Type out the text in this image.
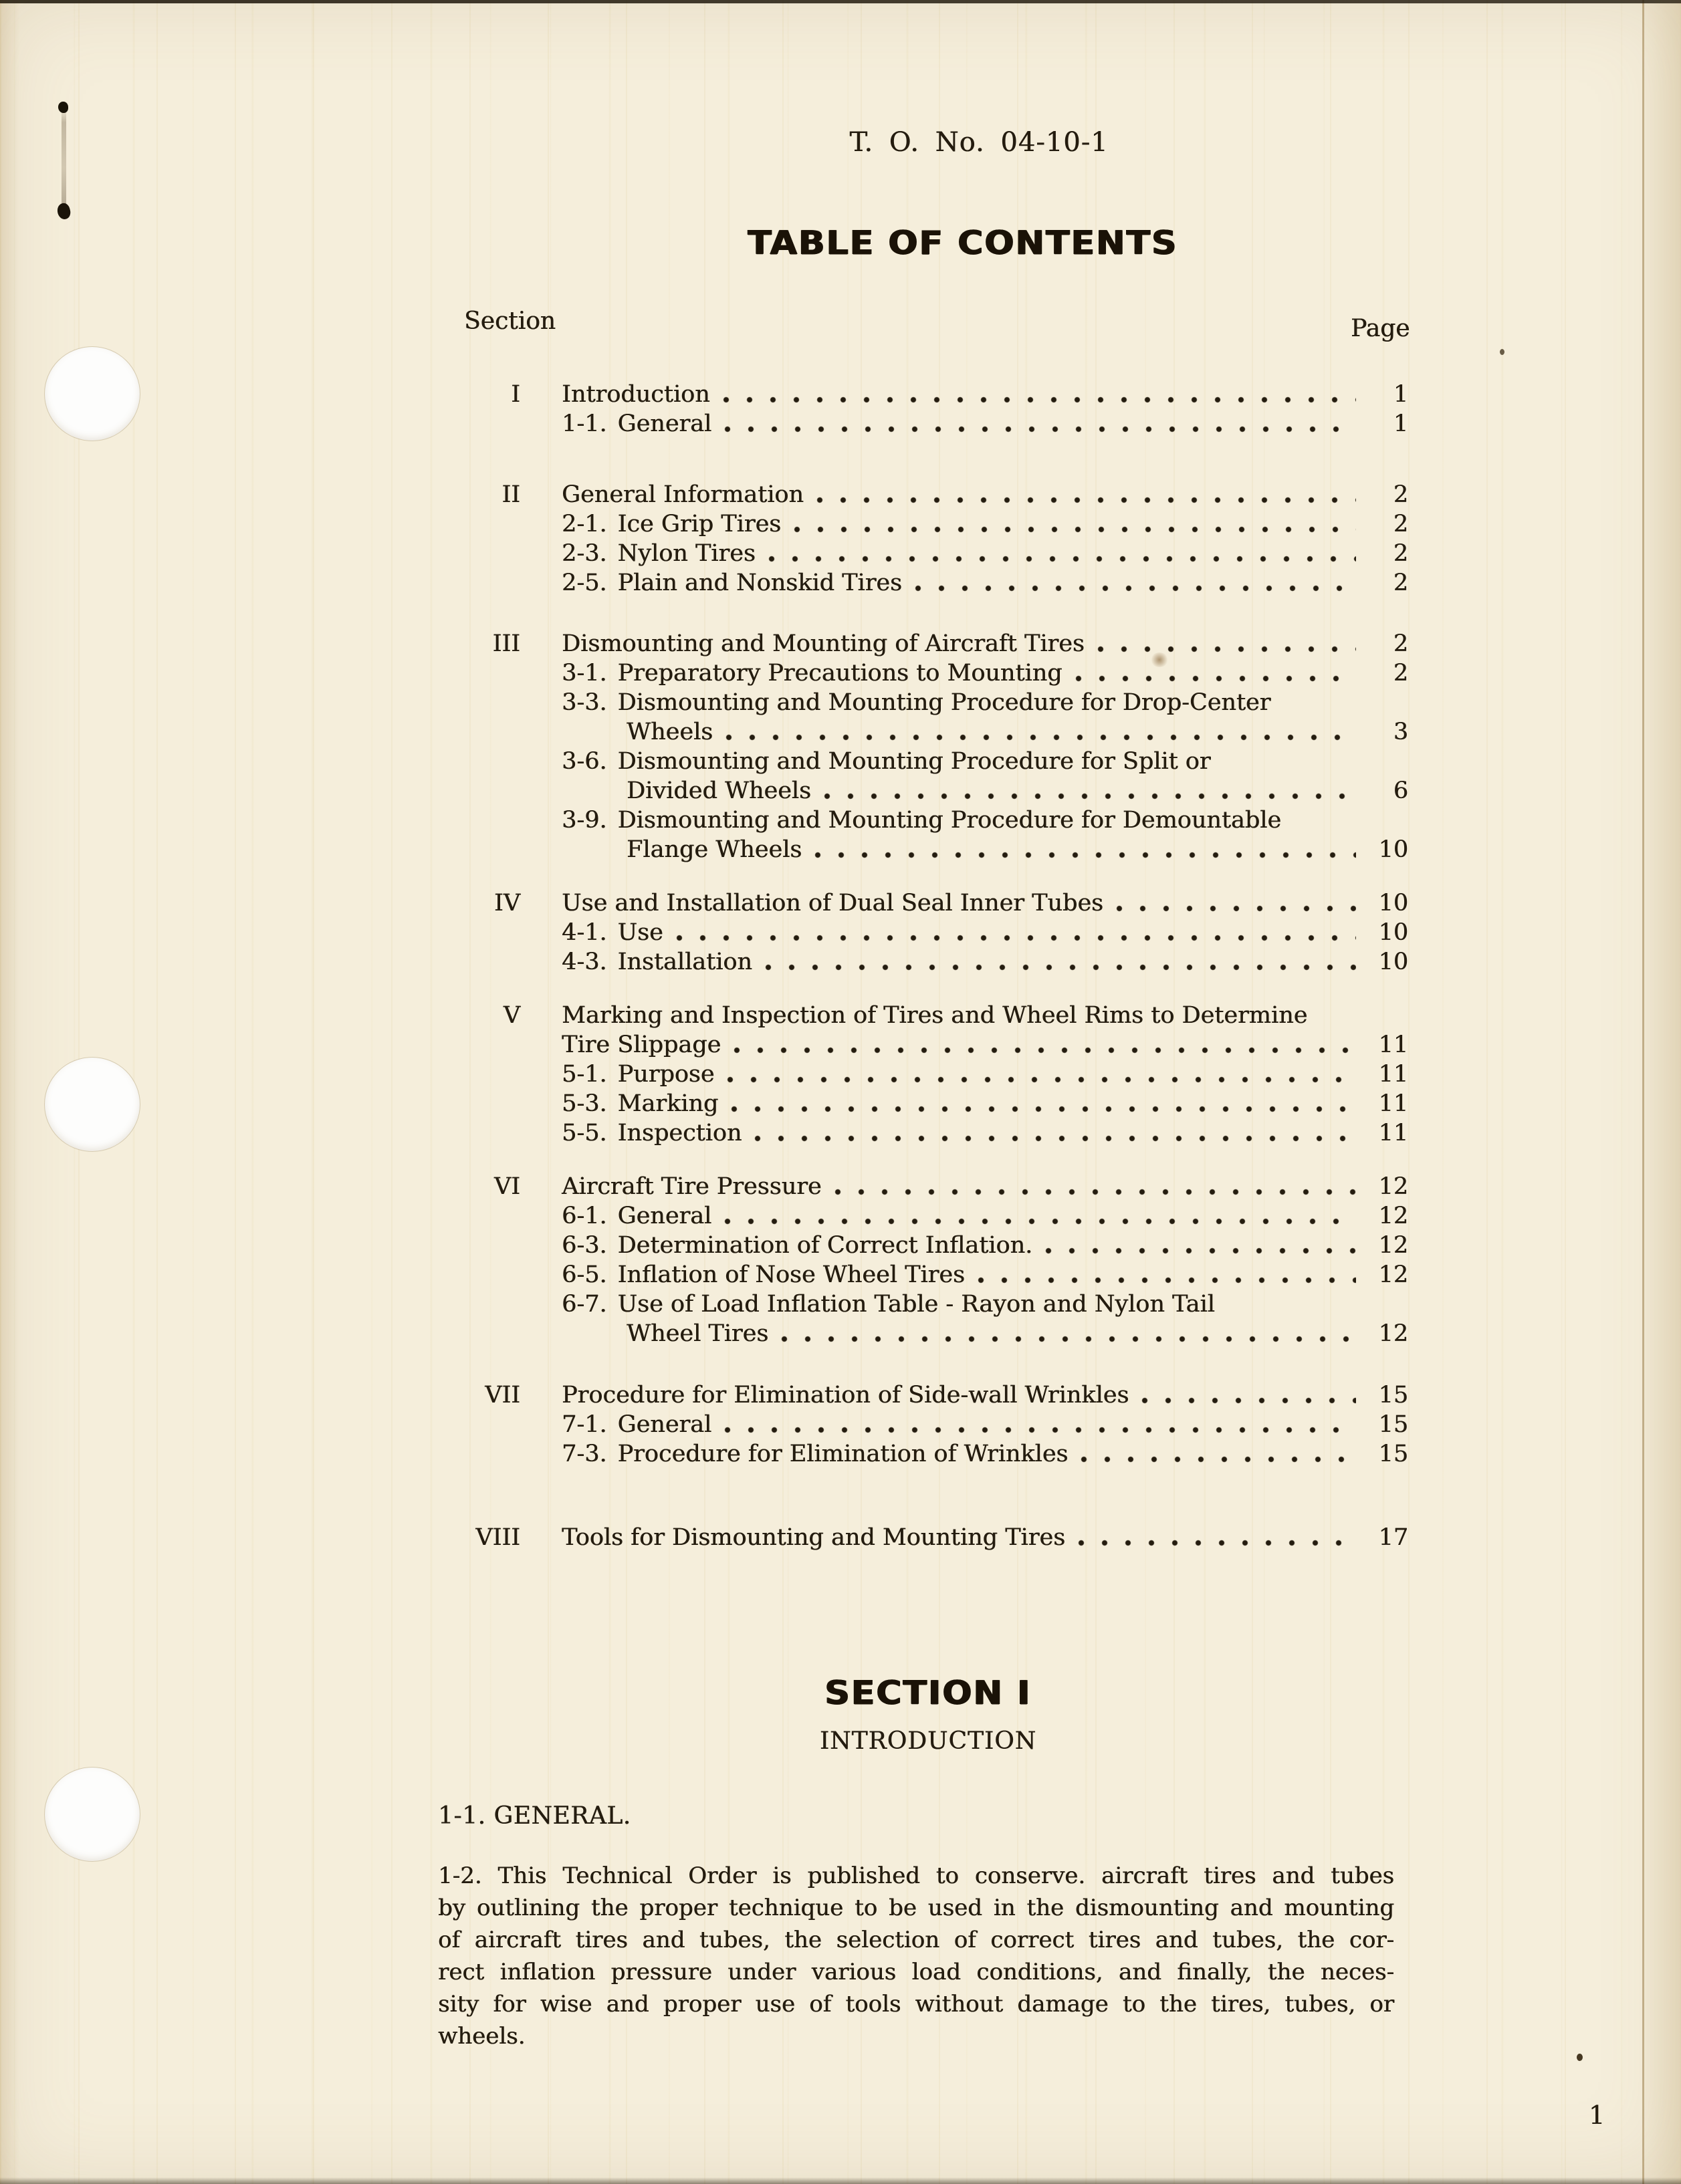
T. O. No. 04-10-1
TABLE OF CONTENTS
Section	Page
I Introduction	1
1-1. General	1
II General Information	2
2-1. Ice Grip Tires	2
2-3. Nylon Tires	2
2-5. Plain and Nonskid Tires	2
III Dismounting and Mounting of Aircraft Tires	2
3-1. Preparatory Precautions to Mounting	2
3-3. Dismounting and Mounting Procedure for Drop-Center
Wheels	3
3-6. Dismounting and Mounting Procedure for Split or
Divided Wheels	6
3-9. Dismounting and Mounting Procedure for Demountable
Flange Wheels	10
IV Use and Installation of Dual Seal Inner Tubes	10
4-1. Use	10
4-3. Installation	10
V Marking and Inspection of Tires and Wheel Rims to Determine
Tire Slippage	11
5-1. Purpose	11
5-3. Marking	11
5-5. Inspection	11
VI Aircraft Tire Pressure	12
6-1. General	12
6-3. Determination of Correct Inflation.	12
6-5. Inflation of Nose Wheel Tires	12
6-7. Use of Load Inflation Table - Rayon and Nylon Tail
Wheel Tires	12
VII Procedure for Elimination of Side-wall Wrinkles	15
7-1. General	15
7-3. Procedure for Elimination of Wrinkles	15
VIII Tools for Dismounting and Mounting Tires	17
SECTION I
INTRODUCTION
1-1. GENERAL.
1-2. This Technical Order is published to conserve. aircraft tires and tubes
by outlining the proper technique to be used in the dismounting and mounting
of aircraft tires and tubes, the selection of correct tires and tubes, the cor-
rect inflation pressure under various load conditions, and finally, the neces-
sity for wise and proper use of tools without damage to the tires, tubes, or
wheels.
1
